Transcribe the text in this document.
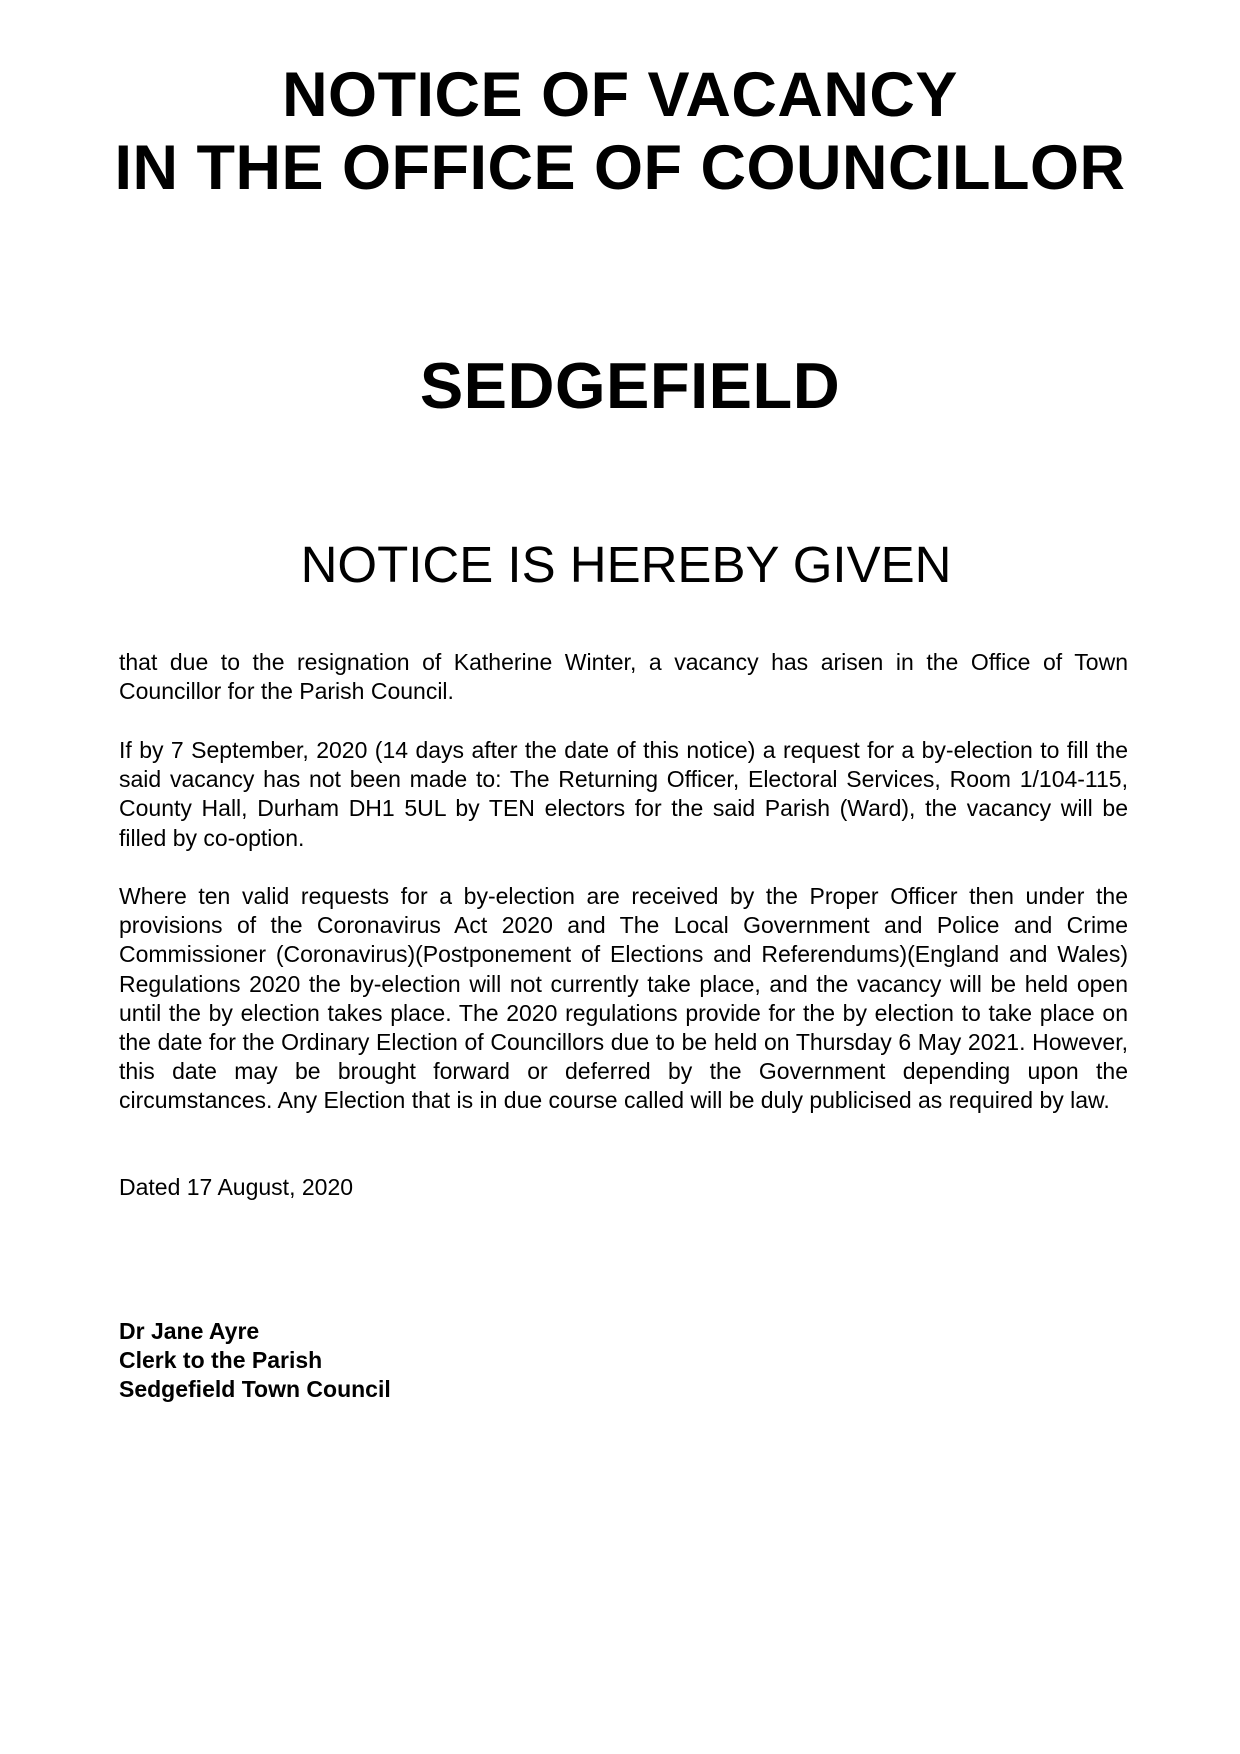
NOTICE OF VACANCY
IN THE OFFICE OF COUNCILLOR
SEDGEFIELD
NOTICE IS HEREBY GIVEN

that due to the resignation of Katherine Winter, a vacancy has arisen in the Office of Town Councillor for the Parish Council.

If by 7 September, 2020 (14 days after the date of this notice) a request for a by-election to fill the said vacancy has not been made to: The Returning Officer, Electoral Services, Room 1/104-115, County Hall, Durham DH1 5UL by TEN electors for the said Parish (Ward), the vacancy will be filled by co-option.

Where ten valid requests for a by-election are received by the Proper Officer then under the provisions of the Coronavirus Act 2020 and The Local Government and Police and Crime Commissioner (Coronavirus)(Postponement of Elections and Referendums)(England and Wales) Regulations 2020 the by-election will not currently take place, and the vacancy will be held open until the by election takes place. The 2020 regulations provide for the by election to take place on the date for the Ordinary Election of Councillors due to be held on Thursday 6 May 2021. However, this date may be brought forward or deferred by the Government depending upon the circumstances. Any Election that is in due course called will be duly publicised as required by law.

Dated 17 August, 2020

Dr Jane Ayre
Clerk to the Parish
Sedgefield Town Council
